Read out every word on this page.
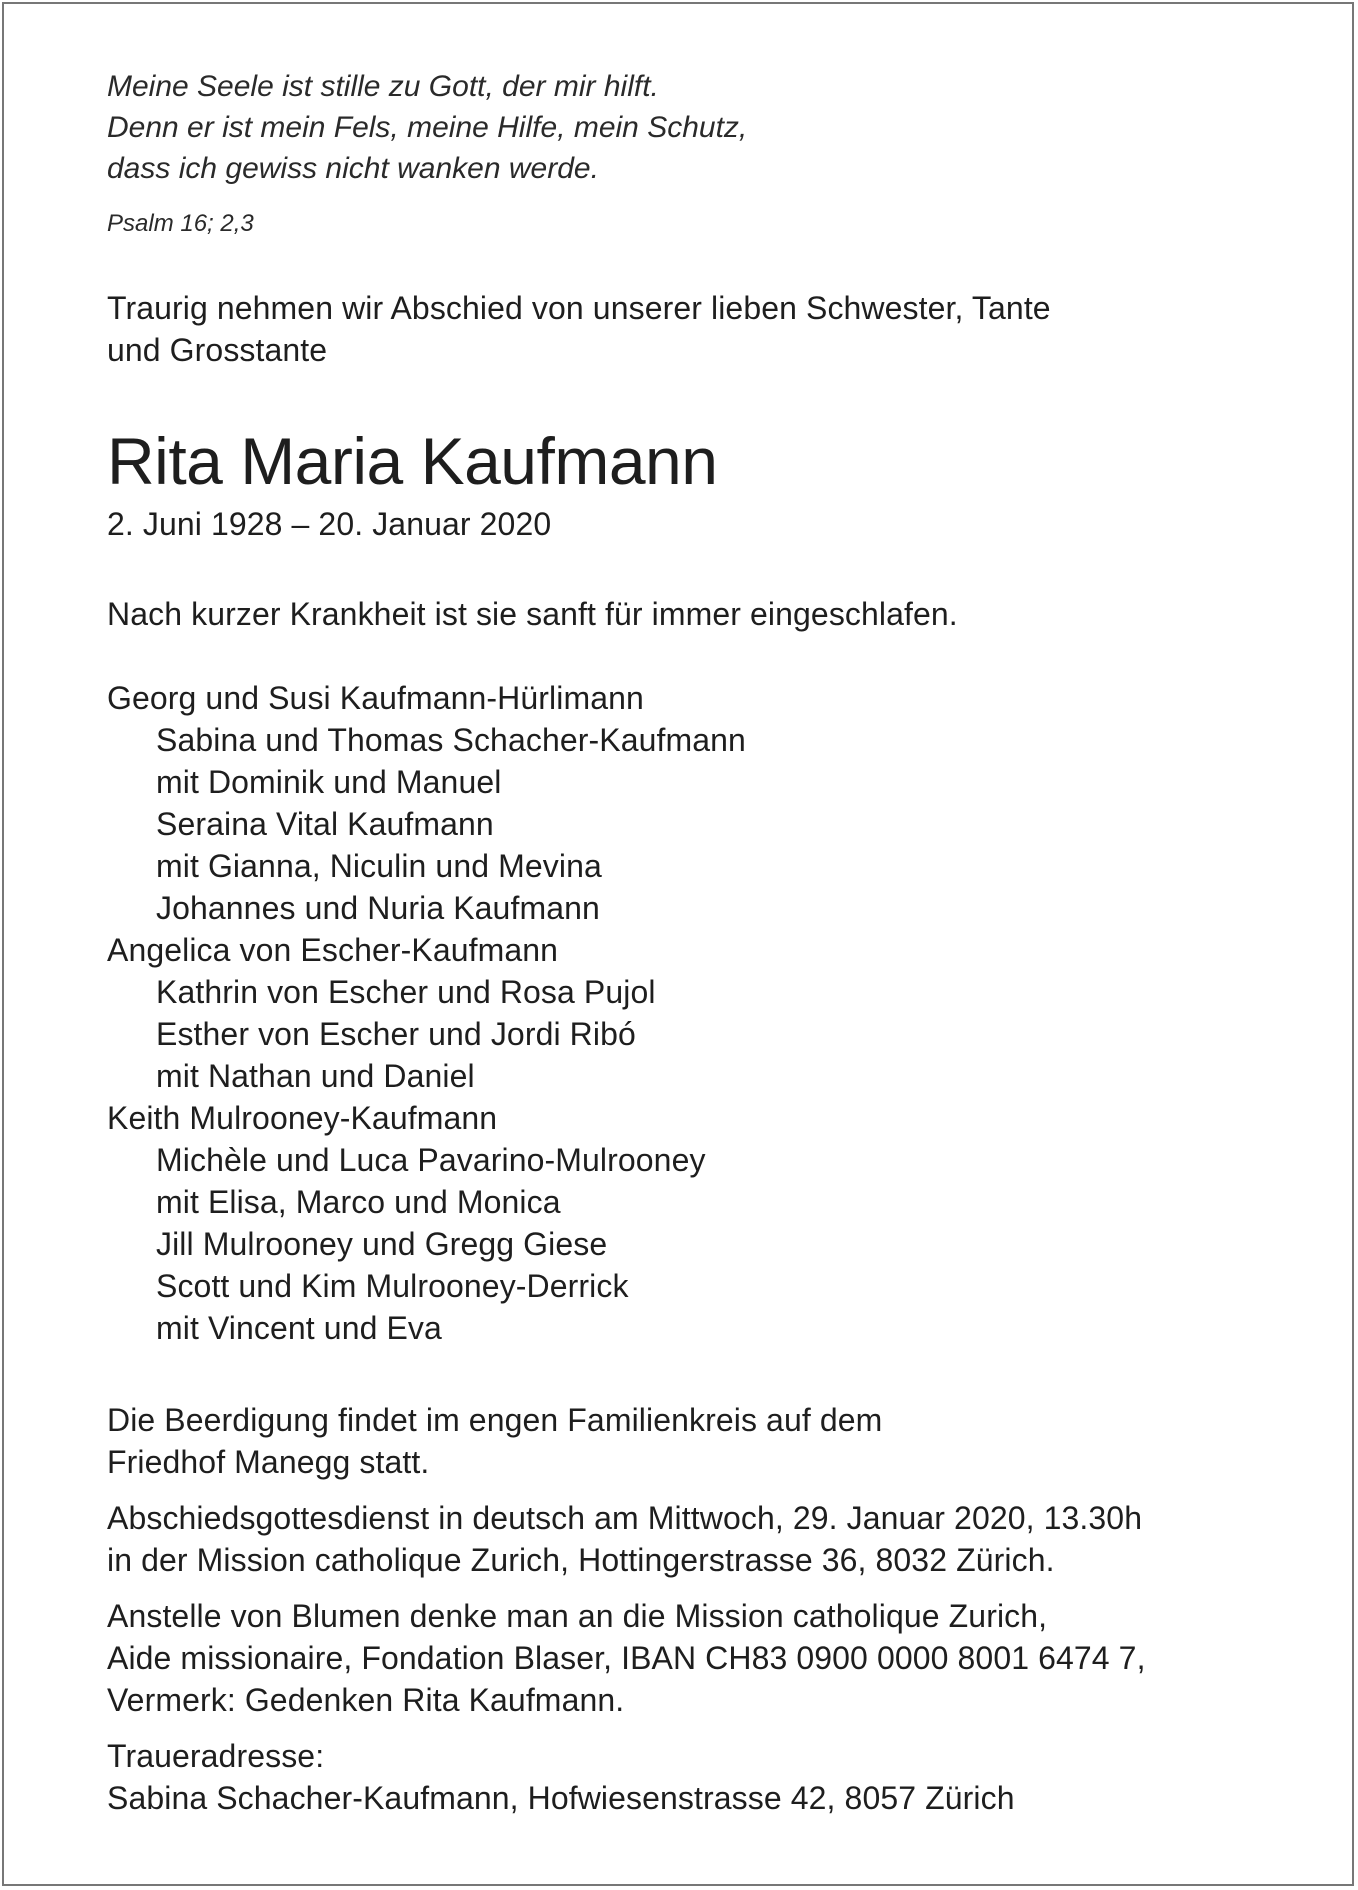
Meine Seele ist stille zu Gott, der mir hilft.
Denn er ist mein Fels, meine Hilfe, mein Schutz,
dass ich gewiss nicht wanken werde.
Psalm 16; 2,3
Traurig nehmen wir Abschied von unserer lieben Schwester, Tante
und Grosstante
Rita Maria Kaufmann
2. Juni 1928 – 20. Januar 2020
Nach kurzer Krankheit ist sie sanft für immer eingeschlafen.
Georg und Susi Kaufmann-Hürlimann
Sabina und Thomas Schacher-Kaufmann
mit Dominik und Manuel
Seraina Vital Kaufmann
mit Gianna, Niculin und Mevina
Johannes und Nuria Kaufmann
Angelica von Escher-Kaufmann
Kathrin von Escher und Rosa Pujol
Esther von Escher und Jordi Ribó
mit Nathan und Daniel
Keith Mulrooney-Kaufmann
Michèle und Luca Pavarino-Mulrooney
mit Elisa, Marco und Monica
Jill Mulrooney und Gregg Giese
Scott und Kim Mulrooney-Derrick
mit Vincent und Eva
Die Beerdigung findet im engen Familienkreis auf dem
Friedhof Manegg statt.
Abschiedsgottesdienst in deutsch am Mittwoch, 29. Januar 2020, 13.30h
in der Mission catholique Zurich, Hottingerstrasse 36, 8032 Zürich.
Anstelle von Blumen denke man an die Mission catholique Zurich,
Aide missionaire, Fondation Blaser, IBAN CH83 0900 0000 8001 6474 7,
Vermerk: Gedenken Rita Kaufmann.
Traueradresse:
Sabina Schacher-Kaufmann, Hofwiesenstrasse 42, 8057 Zürich
